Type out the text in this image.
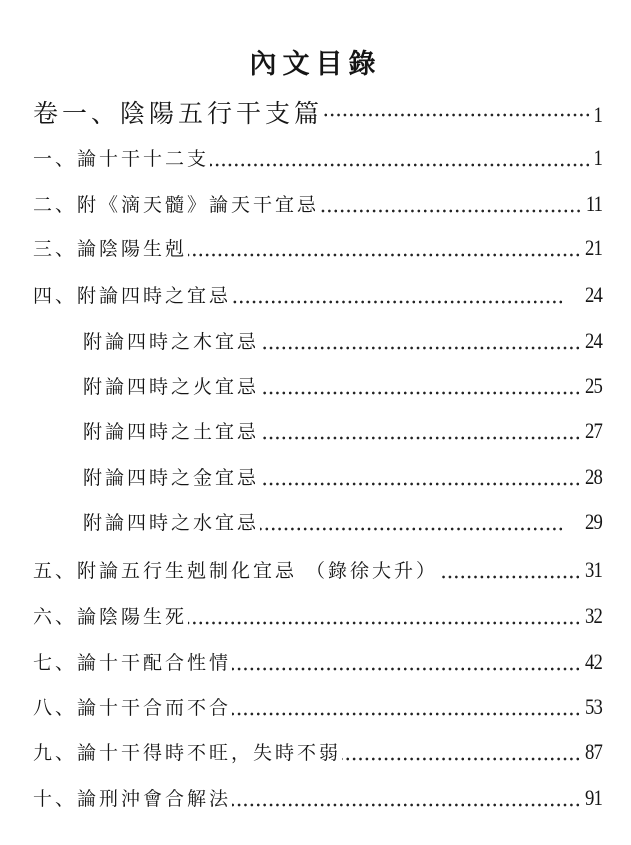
內文目錄
卷一、陰陽五行干支篇	1
一、論十干十二支	1
二、附《滴天髓》論天干宜忌	11
三、論陰陽生剋	21
四、附論四時之宜忌	24
附論四時之木宜忌	24
附論四時之火宜忌	25
附論四時之土宜忌	27
附論四時之金宜忌	28
附論四時之水宜忌	29
五、附論五行生剋制化宜忌 （錄徐大升）	31
六、論陰陽生死	32
七、論十干配合性情	42
八、論十干合而不合	53
九、論十干得時不旺，失時不弱	87
十、論刑沖會合解法	91
